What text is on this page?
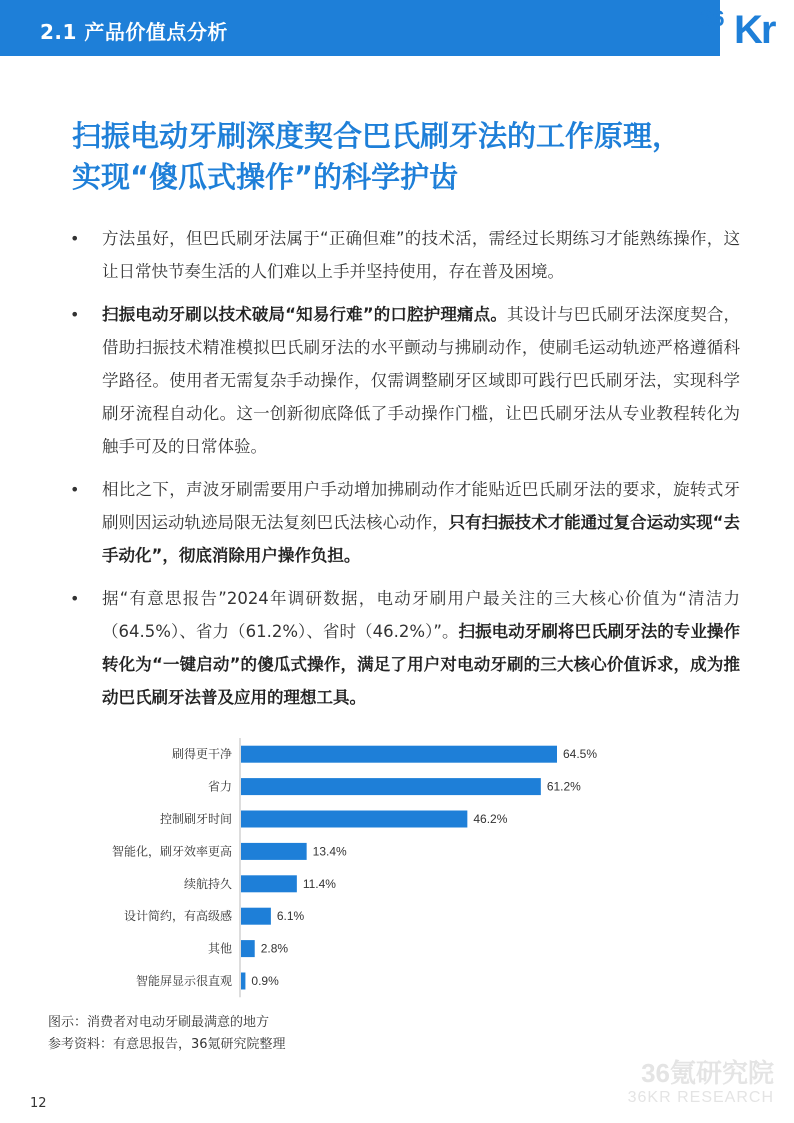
2.1 产品价值点分析
36 Kr
扫振电动牙刷深度契合巴氏刷牙法的工作原理，
实现“傻瓜式操作”的科学护齿
• 方法虽好，但巴氏刷牙法属于“正确但难”的技术活，需经过长期练习才能熟练操作，这让日常快节奏生活的人们难以上手并坚持使用，存在普及困境。
• 扫振电动牙刷以技术破局“知易行难”的口腔护理痛点。其设计与巴氏刷牙法深度契合，借助扫振技术精准模拟巴氏刷牙法的水平颤动与拂刷动作，使刷毛运动轨迹严格遵循科学路径。使用者无需复杂手动操作，仅需调整刷牙区域即可践行巴氏刷牙法，实现科学刷牙流程自动化。这一创新彻底降低了手动操作门槛，让巴氏刷牙法从专业教程转化为触手可及的日常体验。
• 相比之下，声波牙刷需要用户手动增加拂刷动作才能贴近巴氏刷牙法的要求，旋转式牙刷则因运动轨迹局限无法复刻巴氏法核心动作，只有扫振技术才能通过复合运动实现“去手动化”，彻底消除用户操作负担。
• 据“有意思报告”2024年调研数据，电动牙刷用户最关注的三大核心价值为“清洁力（64.5%）、省力（61.2%）、省时（46.2%）”。扫振电动牙刷将巴氏刷牙法的专业操作转化为“一键启动”的傻瓜式操作，满足了用户对电动牙刷的三大核心价值诉求，成为推动巴氏刷牙法普及应用的理想工具。
刷得更干净	64.5%
省力	61.2%
控制刷牙时间	46.2%
智能化，刷牙效率更高	13.4%
续航持久	11.4%
设计简约，有高级感	6.1%
其他 2.8%
智能屏显示很直观 0.9%
图示：消费者对电动牙刷最满意的地方
参考资料：有意思报告，36氪研究院整理
36氪研究院
36KR RESEARCH
12
